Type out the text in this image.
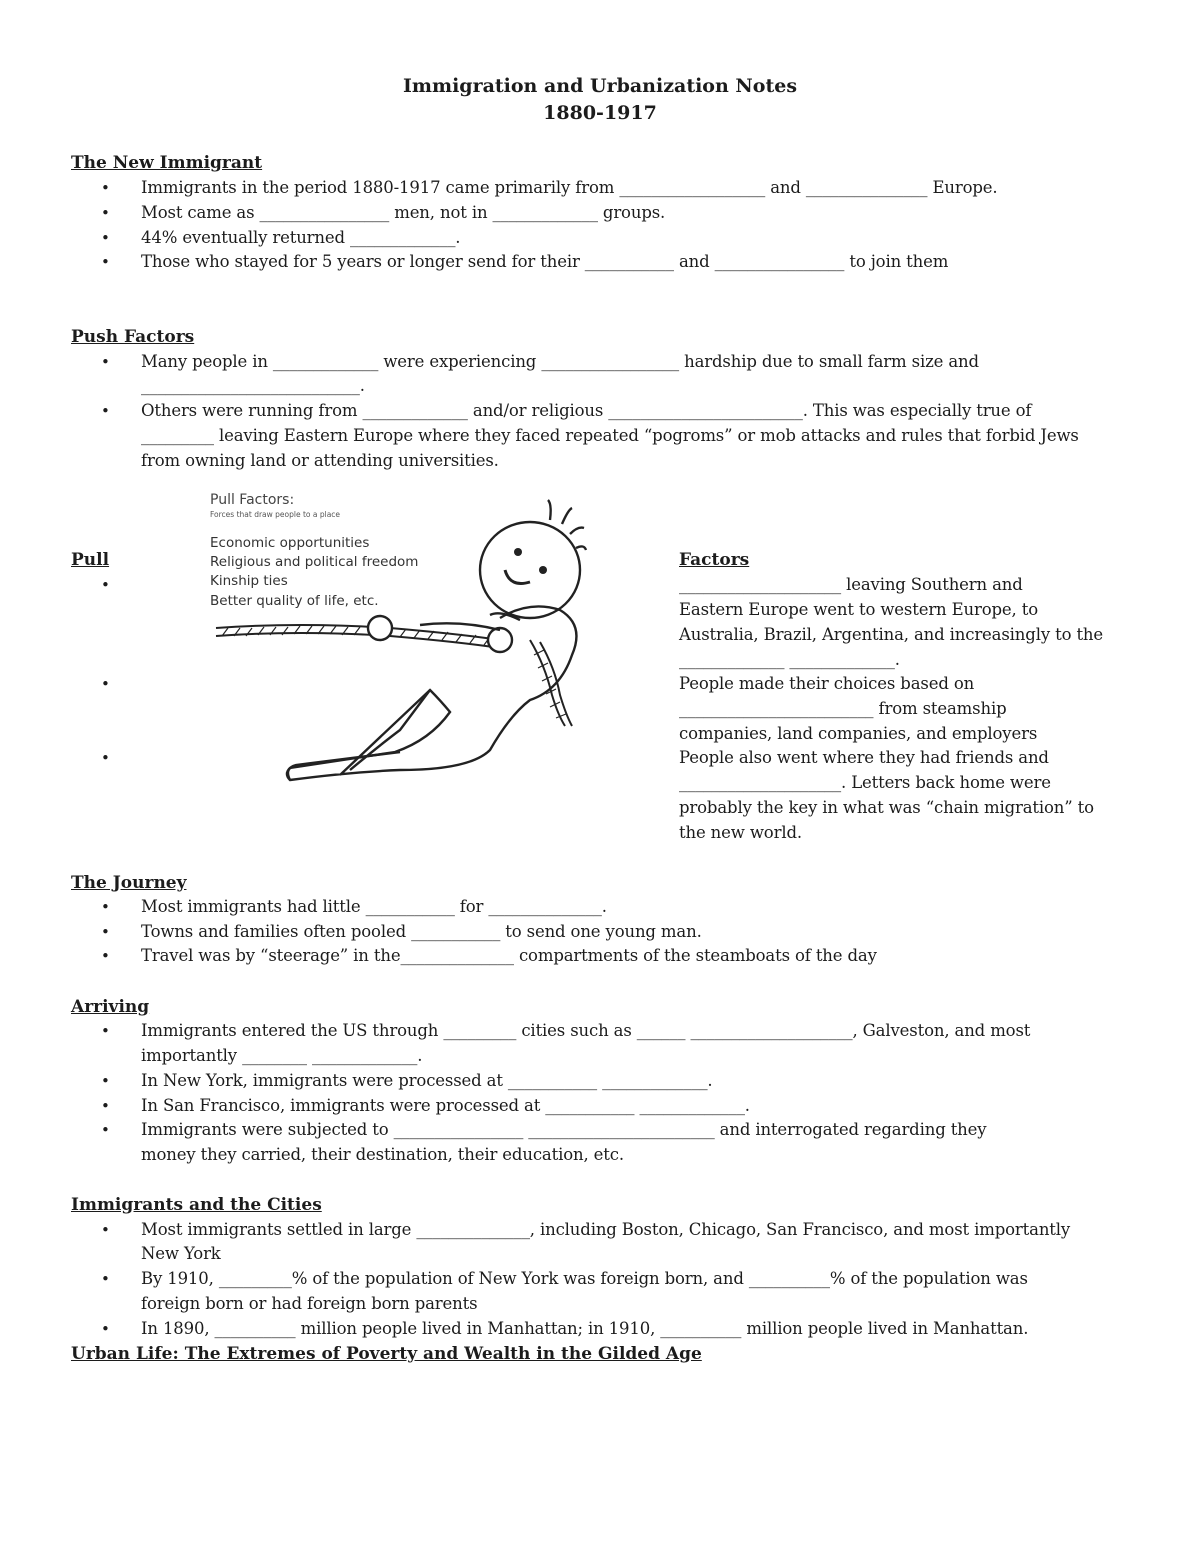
Immigration and Urbanization Notes
1880-1917
The New Immigrant
• Immigrants in the period 1880-1917 came primarily from __________________ and _______________ Europe.
• Most came as ________________ men, not in _____________ groups.
• 44% eventually returned _____________.
• Those who stayed for 5 years or longer send for their ___________ and ________________ to join them
Push Factors
• Many people in _____________ were experiencing _________________ hardship due to small farm size and
___________________________.
• Others were running from _____________ and/or religious ________________________. This was especially true of
_________ leaving Eastern Europe where they faced repeated “pogroms” or mob attacks and rules that forbid Jews
from owning land or attending universities.
Pull	Factors
•
•
•
Pull Factors:
Forces that draw people to a place
Economic opportunities
Religious and political freedom
Kinship ties
Better quality of life, etc.
____________________ leaving Southern and
Eastern Europe went to western Europe, to
Australia, Brazil, Argentina, and increasingly to the
_____________ _____________.
People made their choices based on
________________________ from steamship
companies, land companies, and employers
People also went where they had friends and
____________________. Letters back home were
probably the key in what was “chain migration” to
the new world.
The Journey
• Most immigrants had little ___________ for ______________.
• Towns and families often pooled ___________ to send one young man.
• Travel was by “steerage” in the______________ compartments of the steamboats of the day
Arriving
• Immigrants entered the US through _________ cities such as ______ ____________________, Galveston, and most
importantly ________ _____________.
• In New York, immigrants were processed at ___________ _____________.
• In San Francisco, immigrants were processed at ___________ _____________.
• Immigrants were subjected to ________________ _______________________ and interrogated regarding they
money they carried, their destination, their education, etc.
Immigrants and the Cities
• Most immigrants settled in large ______________, including Boston, Chicago, San Francisco, and most importantly
New York
• By 1910, _________% of the population of New York was foreign born, and __________% of the population was
foreign born or had foreign born parents
• In 1890, __________ million people lived in Manhattan; in 1910, __________ million people lived in Manhattan.
Urban Life: The Extremes of Poverty and Wealth in the Gilded Age
